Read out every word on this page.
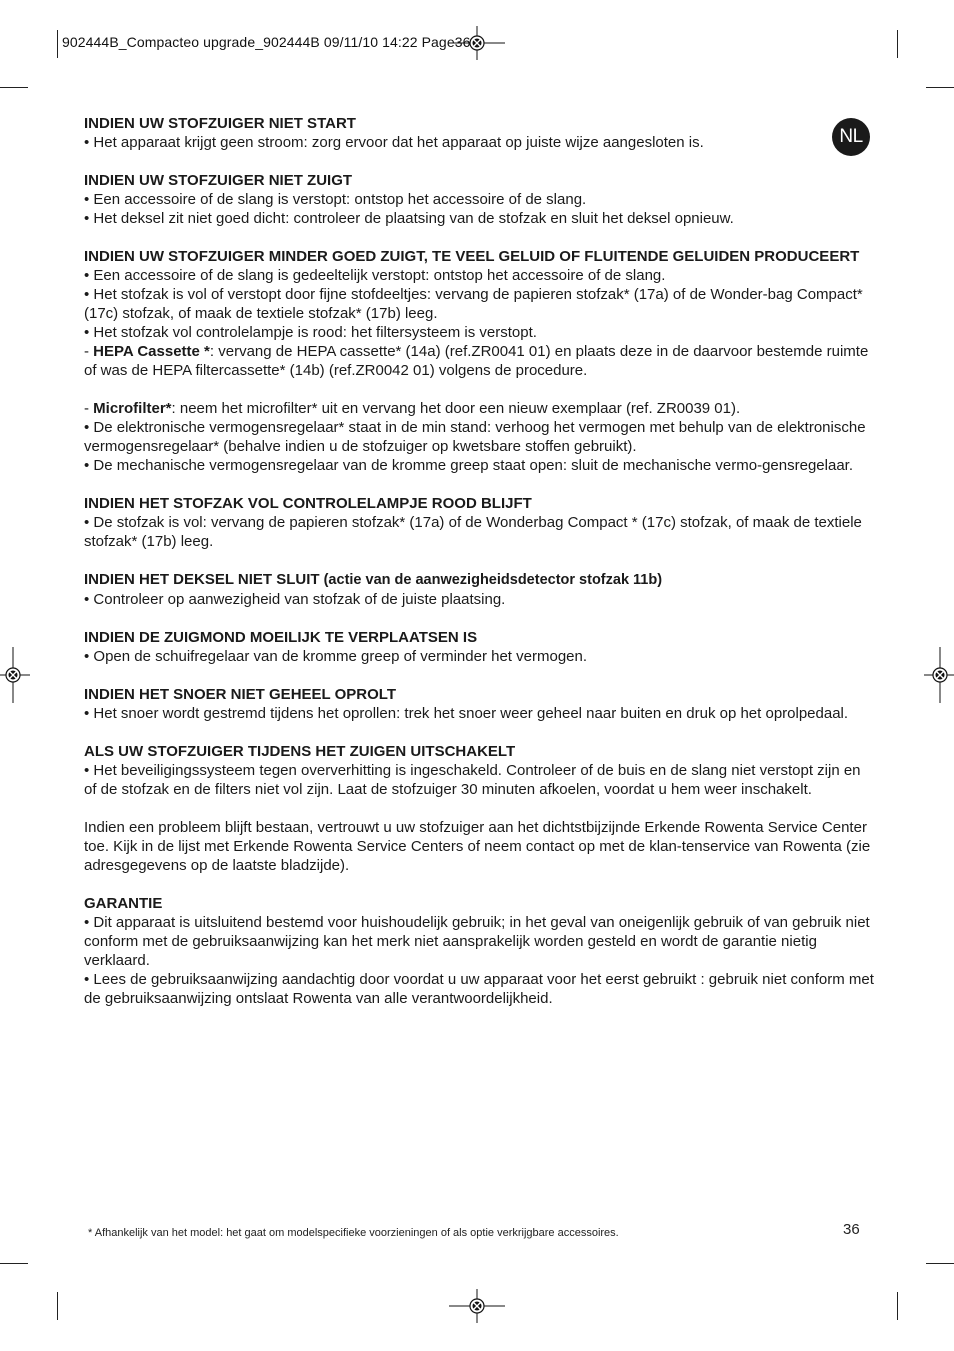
902444B_Compacteo upgrade_902444B 09/11/10 14:22 Page36
NL
INDIEN UW STOFZUIGER NIET START

• Het apparaat krijgt geen stroom: zorg ervoor dat het apparaat op juiste wijze aangesloten is.

INDIEN UW STOFZUIGER NIET ZUIGT

• Een accessoire of de slang is verstopt: ontstop het accessoire of de slang.

• Het deksel zit niet goed dicht: controleer de plaatsing van de stofzak en sluit het deksel opnieuw.

INDIEN UW STOFZUIGER MINDER GOED ZUIGT, TE VEEL GELUID OF FLUITENDE GELUIDEN PRODUCEERT

• Een accessoire of de slang is gedeeltelijk verstopt: ontstop het accessoire of de slang.

• Het stofzak is vol of verstopt door fijne stofdeeltjes: vervang de papieren stofzak* (17a) of de Wonder-bag Compact* (17c) stofzak, of maak de textiele stofzak* (17b) leeg.

• Het stofzak vol controlelampje is rood: het filtersysteem is verstopt.

- HEPA Cassette *: vervang de HEPA cassette* (14a) (ref.ZR0041 01) en plaats deze in de daarvoor bestemde ruimte of was de HEPA filtercassette* (14b) (ref.ZR0042 01) volgens de procedure.

- Microfilter*: neem het microfilter* uit en vervang het door een nieuw exemplaar (ref. ZR0039 01).

• De elektronische vermogensregelaar* staat in de min stand: verhoog het vermogen met behulp van de elektronische vermogensregelaar* (behalve indien u de stofzuiger op kwetsbare stoffen gebruikt).

• De mechanische vermogensregelaar van de kromme greep staat open: sluit de mechanische vermo-gensregelaar.

INDIEN HET STOFZAK VOL CONTROLELAMPJE ROOD BLIJFT

• De stofzak is vol: vervang de papieren stofzak* (17a) of de Wonderbag Compact * (17c) stofzak, of maak de textiele stofzak* (17b) leeg.

INDIEN HET DEKSEL NIET SLUIT (actie van de aanwezigheidsdetector stofzak 11b)

• Controleer op aanwezigheid van stofzak of de juiste plaatsing.

INDIEN DE ZUIGMOND MOEILIJK TE VERPLAATSEN IS

• Open de schuifregelaar van de kromme greep of verminder het vermogen.

INDIEN HET SNOER NIET GEHEEL OPROLT

• Het snoer wordt gestremd tijdens het oprollen: trek het snoer weer geheel naar buiten en druk op het oprolpedaal.

ALS UW STOFZUIGER TIJDENS HET ZUIGEN UITSCHAKELT

• Het beveiligingssysteem tegen oververhitting is ingeschakeld. Controleer of de buis en de slang niet verstopt zijn en of de stofzak en de filters niet vol zijn. Laat de stofzuiger 30 minuten afkoelen, voordat u hem weer inschakelt.

Indien een probleem blijft bestaan, vertrouwt u uw stofzuiger aan het dichtstbijzijnde Erkende Rowenta Service Center toe. Kijk in de lijst met Erkende Rowenta Service Centers of neem contact op met de klan-tenservice van Rowenta (zie adresgegevens op de laatste bladzijde).

GARANTIE

• Dit apparaat is uitsluitend bestemd voor huishoudelijk gebruik; in het geval van oneigenlijk gebruik of van gebruik niet conform met de gebruiksaanwijzing kan het merk niet aansprakelijk worden gesteld en wordt de garantie nietig verklaard.

• Lees de gebruiksaanwijzing aandachtig door voordat u uw apparaat voor het eerst gebruikt : gebruik niet conform met de gebruiksaanwijzing ontslaat Rowenta van alle verantwoordelijkheid.

* Afhankelijk van het model: het gaat om modelspecifieke voorzieningen of als optie verkrijgbare accessoires.	36
